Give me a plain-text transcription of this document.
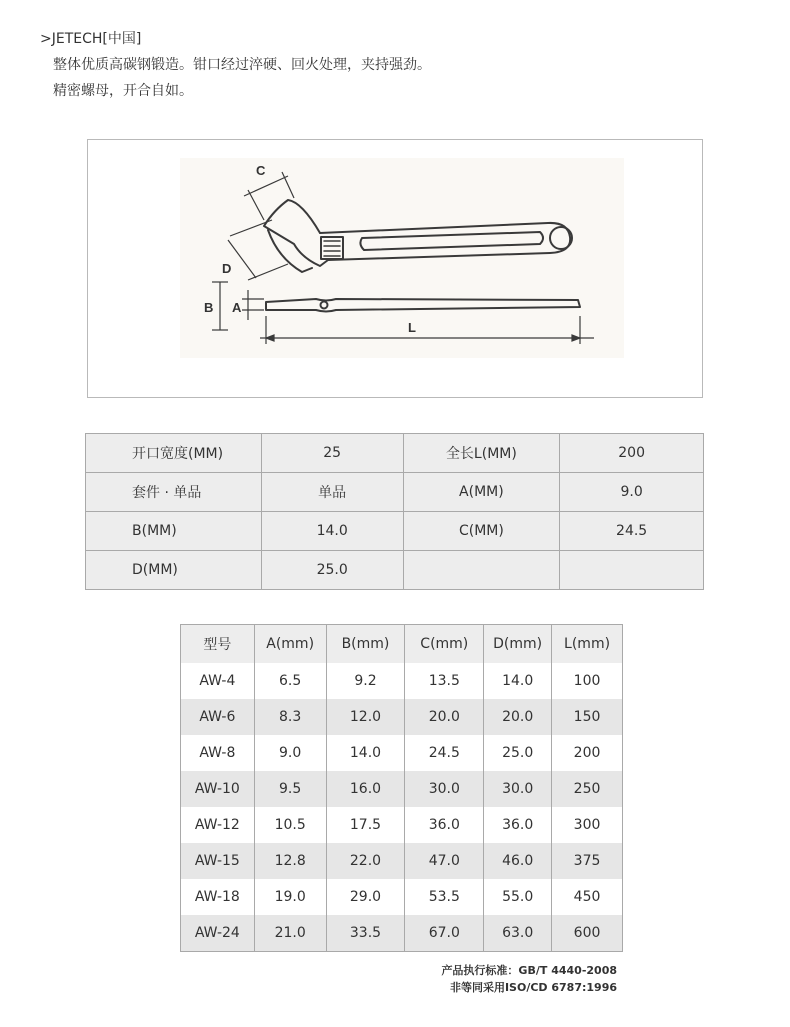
>JETECH[中国]
整体优质高碳钢锻造。钳口经过淬硬、回火处理，夹持强劲。
精密螺母，开合自如。
C
D
B A
L
开口宽度(MM)	25	全长L(MM)	200
套件 · 单品	单品	A(MM)	9.0
B(MM)	14.0	C(MM)	24.5
D(MM)	25.0		
型号	A(mm)	B(mm)	C(mm)	D(mm)	L(mm)
AW-4	6.5	9.2	13.5	14.0	100
AW-6	8.3	12.0	20.0	20.0	150
AW-8	9.0	14.0	24.5	25.0	200
AW-10	9.5	16.0	30.0	30.0	250
AW-12	10.5	17.5	36.0	36.0	300
AW-15	12.8	22.0	47.0	46.0	375
AW-18	19.0	29.0	53.5	55.0	450
AW-24	21.0	33.5	67.0	63.0	600
产品执行标准：GB/T 4440-2008
非等同采用ISO/CD 6787:1996
